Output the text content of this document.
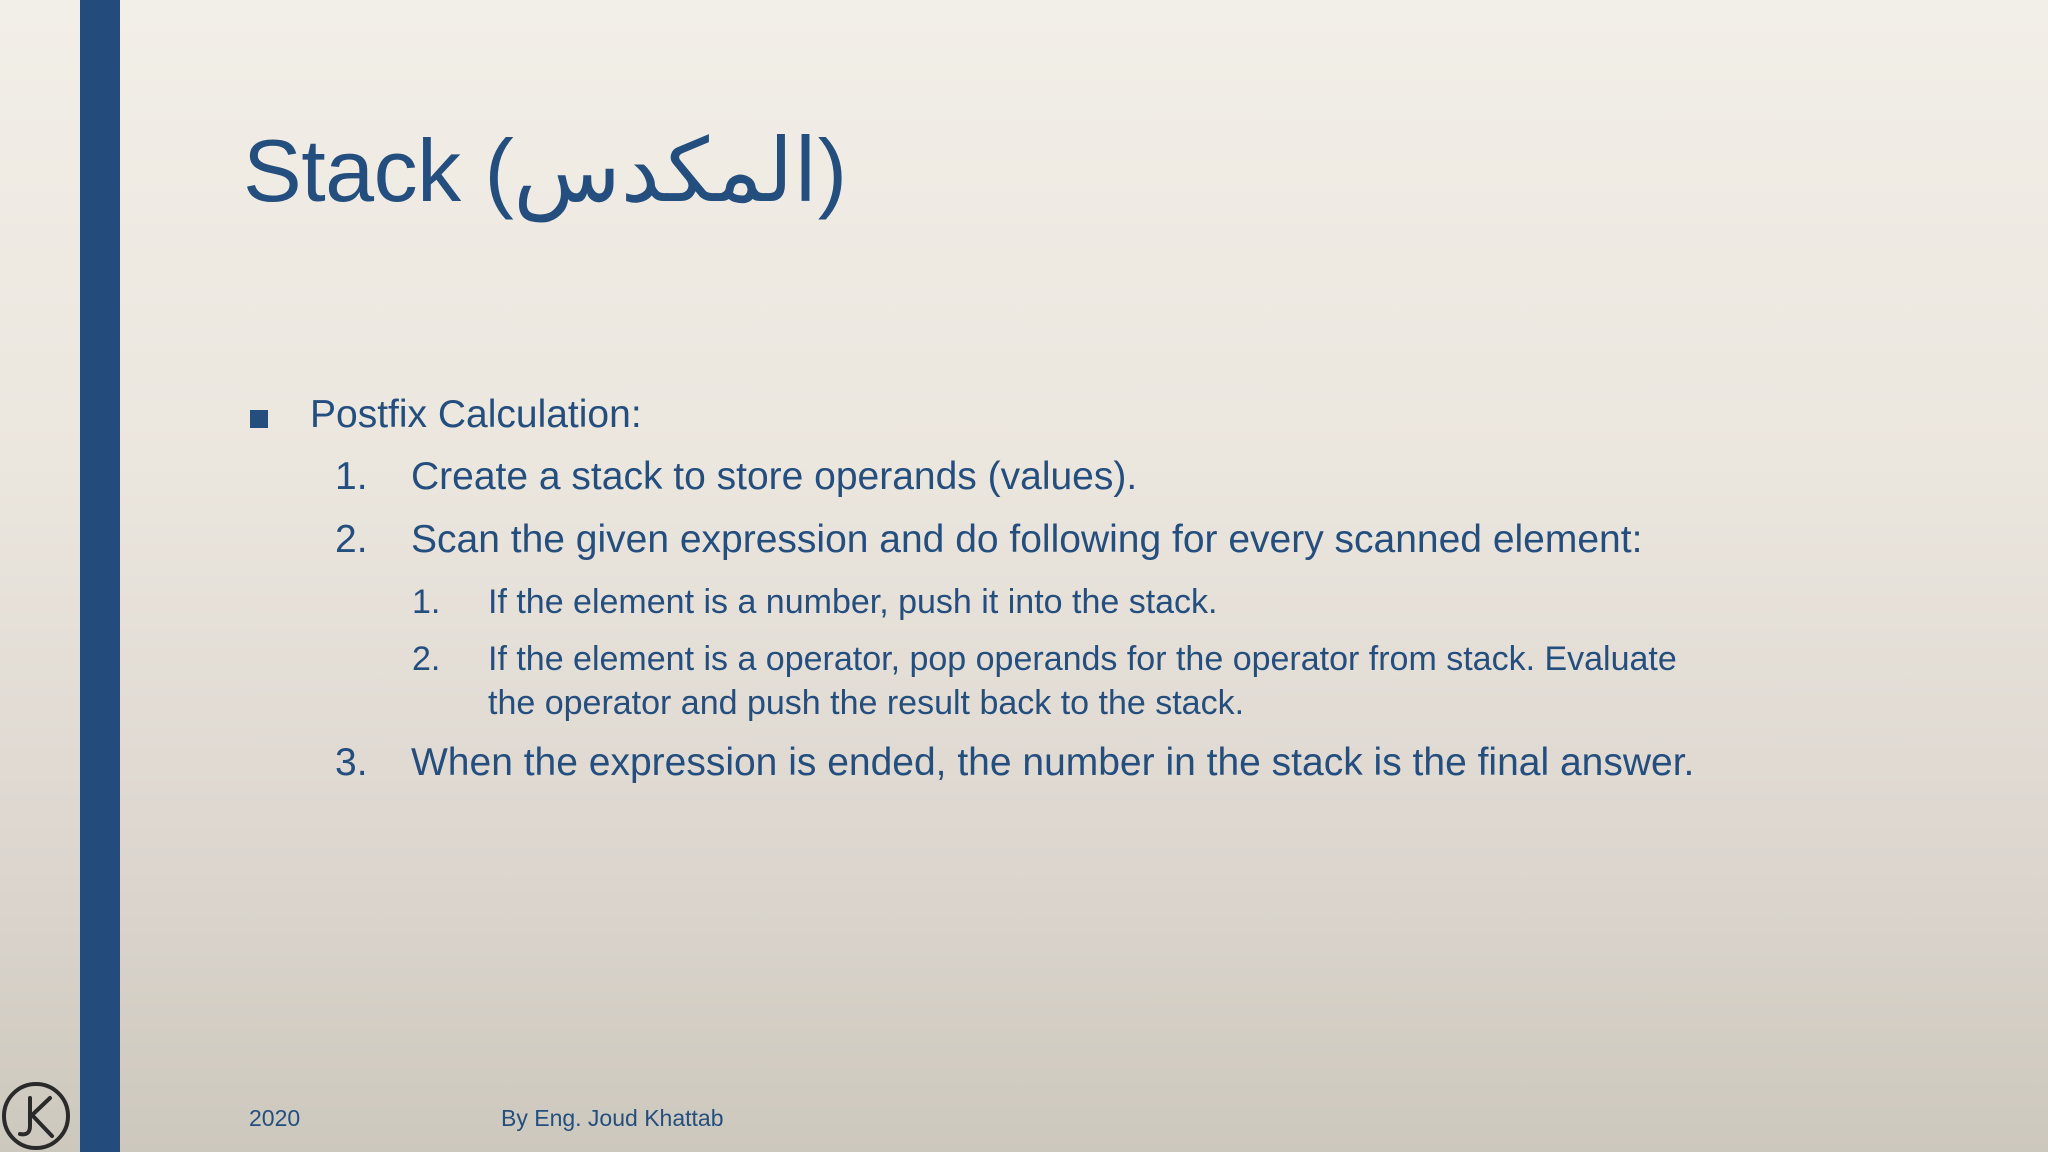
Stack (المكدس)
Postfix Calculation:
1. Create a stack to store operands (values).
2. Scan the given expression and do following for every scanned element:
1. If the element is a number, push it into the stack.
2. If the element is a operator, pop operands for the operator from stack. Evaluate
the operator and push the result back to the stack.
3. When the expression is ended, the number in the stack is the final answer.
2020	By Eng. Joud Khattab
